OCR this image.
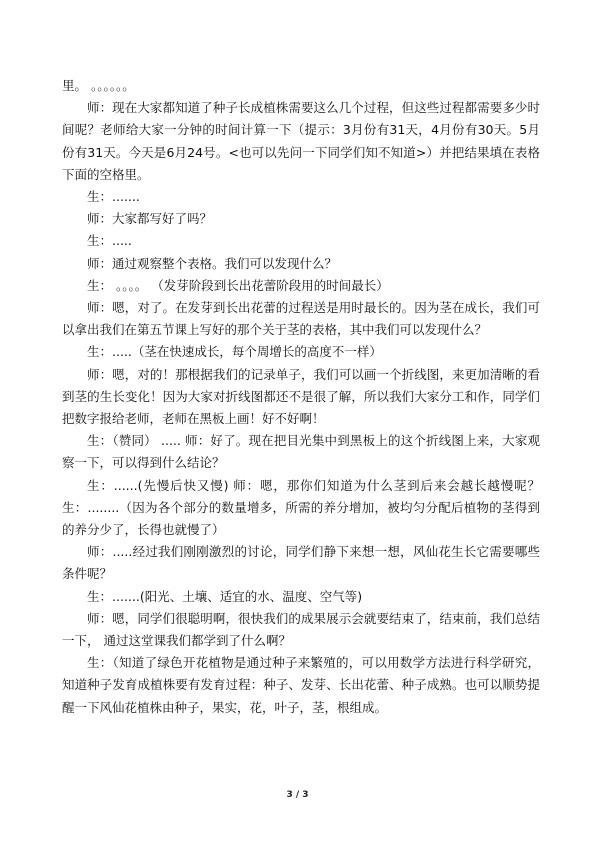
里。 。。。。。。

师：现在大家都知道了种子长成植株需要这么几个过程，但这些过程都需要多少时间呢？老师给大家一分钟的时间计算一下（提示：3月份有31天，4月份有30天。5月份有31天。今天是6月24号。<也可以先问一下同学们知不知道>）并把结果填在表格下面的空格里。

生：.......

师：大家都写好了吗？

生：.....

师：通过观察整个表格。我们可以发现什么？

生： 。。。。 （发芽阶段到长出花蕾阶段用的时间最长）

师：嗯，对了。在发芽到长出花蕾的过程送是用时最长的。因为茎在成长，我们可以拿出我们在第五节课上写好的那个关于茎的表格，其中我们可以发现什么？

生：.....（茎在快速成长，每个周增长的高度不一样）

师：嗯，对的！那根据我们的记录单子，我们可以画一个折线图，来更加清晰的看到茎的生长变化！因为大家对折线图都还不是很了解，所以我们大家分工和作，同学们把数字报给老师，老师在黑板上画！好不好啊！

生：（赞同） ..... 师：好了。现在把目光集中到黑板上的这个折线图上来，大家观察一下，可以得到什么结论？

生：......(先慢后快又慢) 师：嗯，那你们知道为什么茎到后来会越长越慢呢？ 生：........（因为各个部分的数量增多，所需的养分增加，被均匀分配后植物的茎得到的养分少了，长得也就慢了）

师：.....经过我们刚刚激烈的讨论，同学们静下来想一想，风仙花生长它需要哪些条件呢？

生：.......(阳光、土壤、适宜的水、温度、空气等)

师：嗯，同学们很聪明啊，很快我们的成果展示会就要结束了，结束前，我们总结一下， 通过这堂课我们都学到了什么啊？

生：（知道了绿色开花植物是通过种子来繁殖的，可以用数学方法进行科学研究，知道种子发育成植株要有发育过程：种子、发芽、长出花蕾、种子成熟。也可以顺势提醒一下风仙花植株由种子，果实，花，叶子，茎，根组成。

3 / 3
